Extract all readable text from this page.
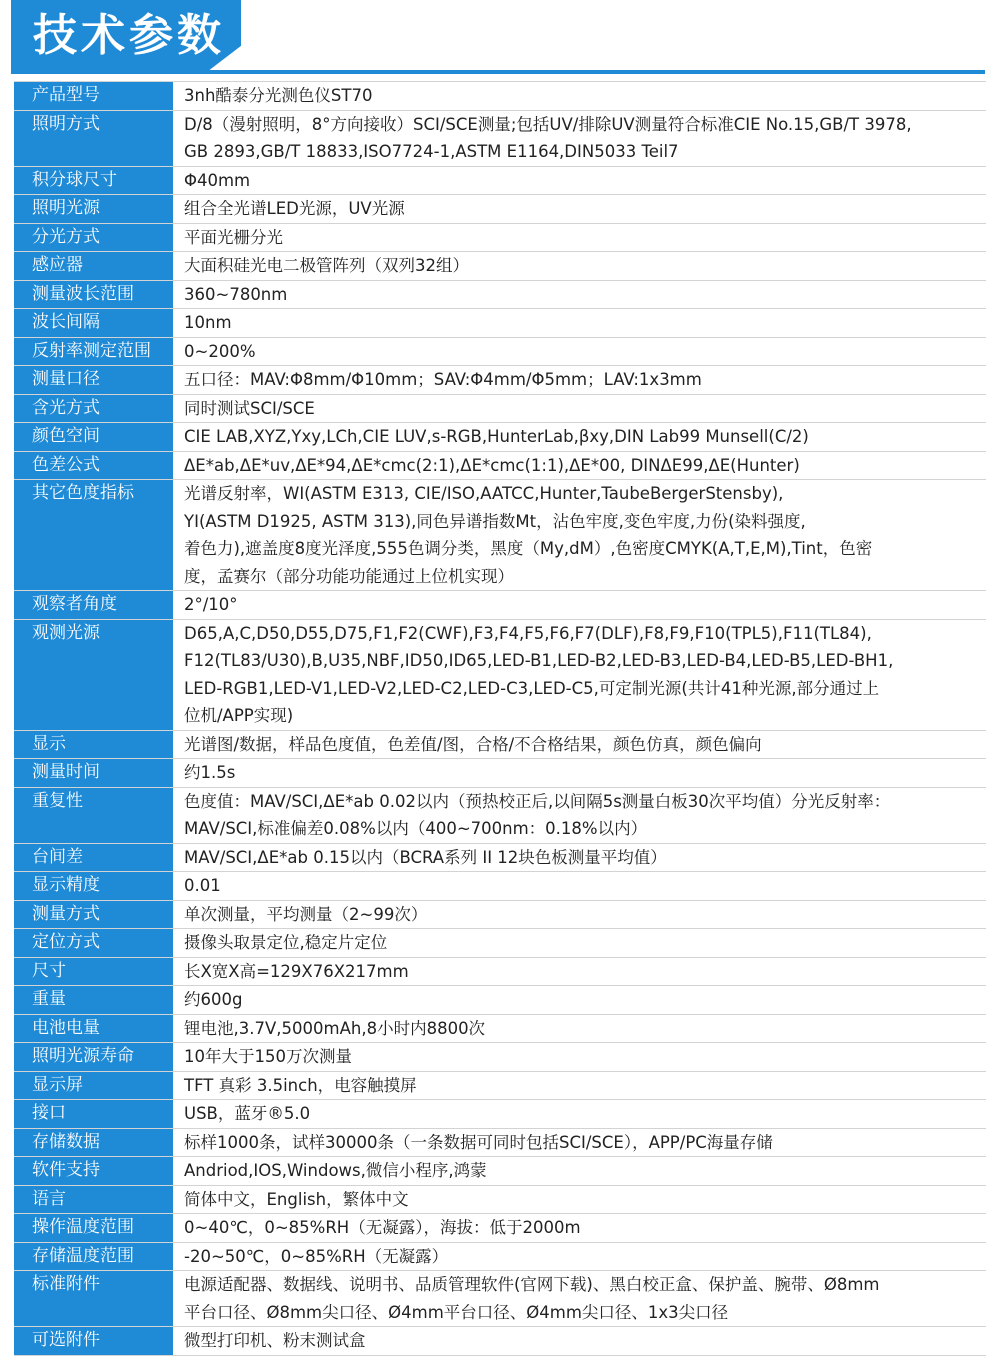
技术参数
产品型号	3nh酷泰分光测色仪ST70
照明方式	D/8（漫射照明，8°方向接收）SCI/SCE测量;包括UV/排除UV测量符合标准CIE No.15,GB/T 3978,
GB 2893,GB/T 18833,ISO7724-1,ASTM E1164,DIN5033 Teil7
积分球尺寸	Φ40mm
照明光源	组合全光谱LED光源，UV光源
分光方式	平面光栅分光
感应器	大面积硅光电二极管阵列（双列32组）
测量波长范围	360~780nm
波长间隔	10nm
反射率测定范围	0~200%
测量口径	五口径：MAV:Φ8mm/Φ10mm；SAV:Φ4mm/Φ5mm；LAV:1x3mm
含光方式	同时测试SCI/SCE
颜色空间	CIE LAB,XYZ,Yxy,LCh,CIE LUV,s-RGB,HunterLab,βxy,DIN Lab99 Munsell(C/2)
色差公式	ΔE*ab,ΔE*uv,ΔE*94,ΔE*cmc(2:1),ΔE*cmc(1:1),ΔE*00, DINΔE99,ΔE(Hunter)
其它色度指标	光谱反射率，WI(ASTM E313, CIE/ISO,AATCC,Hunter,TaubeBergerStensby),
YI(ASTM D1925, ASTM 313),同色异谱指数Mt，沾色牢度,变色牢度,力份(染料强度,
着色力),遮盖度8度光泽度,555色调分类，黑度（My,dM）,色密度CMYK(A,T,E,M),Tint，色密
度，孟赛尔（部分功能功能通过上位机实现）
观察者角度	2°/10°
观测光源	D65,A,C,D50,D55,D75,F1,F2(CWF),F3,F4,F5,F6,F7(DLF),F8,F9,F10(TPL5),F11(TL84),
F12(TL83/U30),B,U35,NBF,ID50,ID65,LED-B1,LED-B2,LED-B3,LED-B4,LED-B5,LED-BH1,
LED-RGB1,LED-V1,LED-V2,LED-C2,LED-C3,LED-C5,可定制光源(共计41种光源,部分通过上
位机/APP实现)
显示	光谱图/数据，样品色度值，色差值/图，合格/不合格结果，颜色仿真，颜色偏向
测量时间	约1.5s
重复性	色度值：MAV/SCI,ΔE*ab 0.02以内（预热校正后,以间隔5s测量白板30次平均值）分光反射率：
MAV/SCI,标准偏差0.08%以内（400~700nm：0.18%以内）
台间差	MAV/SCI,ΔE*ab 0.15以内（BCRA系列 II 12块色板测量平均值）
显示精度	0.01
测量方式	单次测量，平均测量（2~99次）
定位方式	摄像头取景定位,稳定片定位
尺寸	长X宽X高=129X76X217mm
重量	约600g
电池电量	锂电池,3.7V,5000mAh,8小时内8800次
照明光源寿命	10年大于150万次测量
显示屏	TFT 真彩 3.5inch，电容触摸屏
接口	USB，蓝牙®5.0
存储数据	标样1000条，试样30000条（一条数据可同时包括SCI/SCE），APP/PC海量存储
软件支持	Andriod,IOS,Windows,微信小程序,鸿蒙
语言	简体中文，English，繁体中文
操作温度范围	0~40℃，0~85%RH（无凝露），海拔：低于2000m
存储温度范围	-20~50℃，0~85%RH（无凝露）
标准附件	电源适配器、数据线、说明书、品质管理软件(官网下载)、黑白校正盒、保护盖、腕带、Ø8mm
平台口径、Ø8mm尖口径、Ø4mm平台口径、Ø4mm尖口径、1x3尖口径
可选附件	微型打印机、粉末测试盒
